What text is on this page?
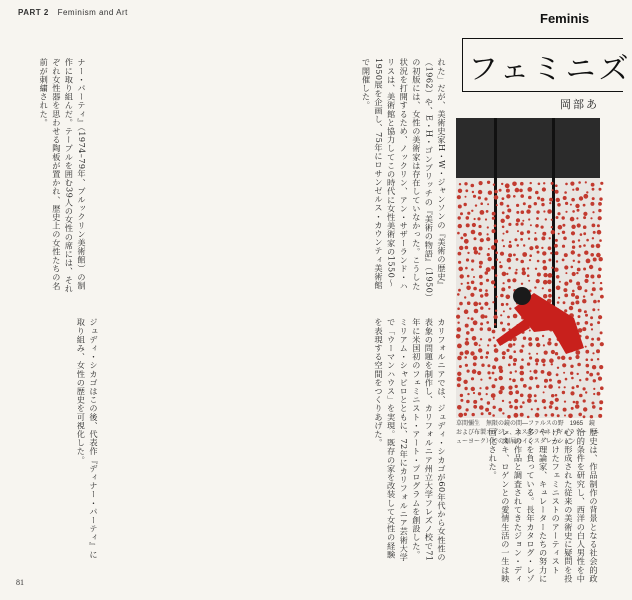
PART 2 Feminism and Art	Feminis
フェミニズ
岡部あ
ナー・パーティ』（1974–79年、ブルックリン美術館）の制作に取り組んだ。テーブルを囲む39人の女性の席には、それぞれ女性器を思わせる陶板が置かれ、歴史上の女性たちの名前が刺繍された。	れた」だが、美術史家H・W・ジャンソンの『美術の歴史』（1962）や、E・H・ゴンブリッチの『美術の物語』（1950）の初版には、女性の美術家は存在していなかった。こうした状況を打開するため、ノックリン、アン・サザーランド・ハリスは、美術館と協力してこの時代に女性美術家の1550〜1950展を企画し、75年にロサンゼルス・カウンティ美術館で開催した。
カリフォルニアでは、ジュディ・シカゴが60年代から女性性の表象の問題を制作し、カリフォルニア州立大学フレズノ校で71年に米国初のフェミニスト・アート・プログラムを創設した。ミリアム・シャピロとともに、72年にカリフォルニア芸術大学で「ウーマンハウス」を実現。既存の家を改装して女性の経験を表現する空間をつくりあげた。
ジュディ・シカゴはこの後、代表作『ディナー・パーティ』に取り組み、女性の歴史を可視化した。	草間彌生　無限の鏡の間―ファルスの野　1965　鏡および布製オブジェ、カステラーネ・ギャラリー（ニューヨーク）での個展のインスタレーション	歴史は、作品制作の背景となる社会的政治的条件を研究し、西洋の白人男性を中心に形成された従来の美術史に疑問を投げかけたフェミニストのアーティストや、理論家、キュレーターたちの努力に多くを負っている。長年カタログ・レゾネの作品と調査されてきたジョン・ディレスキ、ロゲンとの愛情生活の一生は映画化された。
81
